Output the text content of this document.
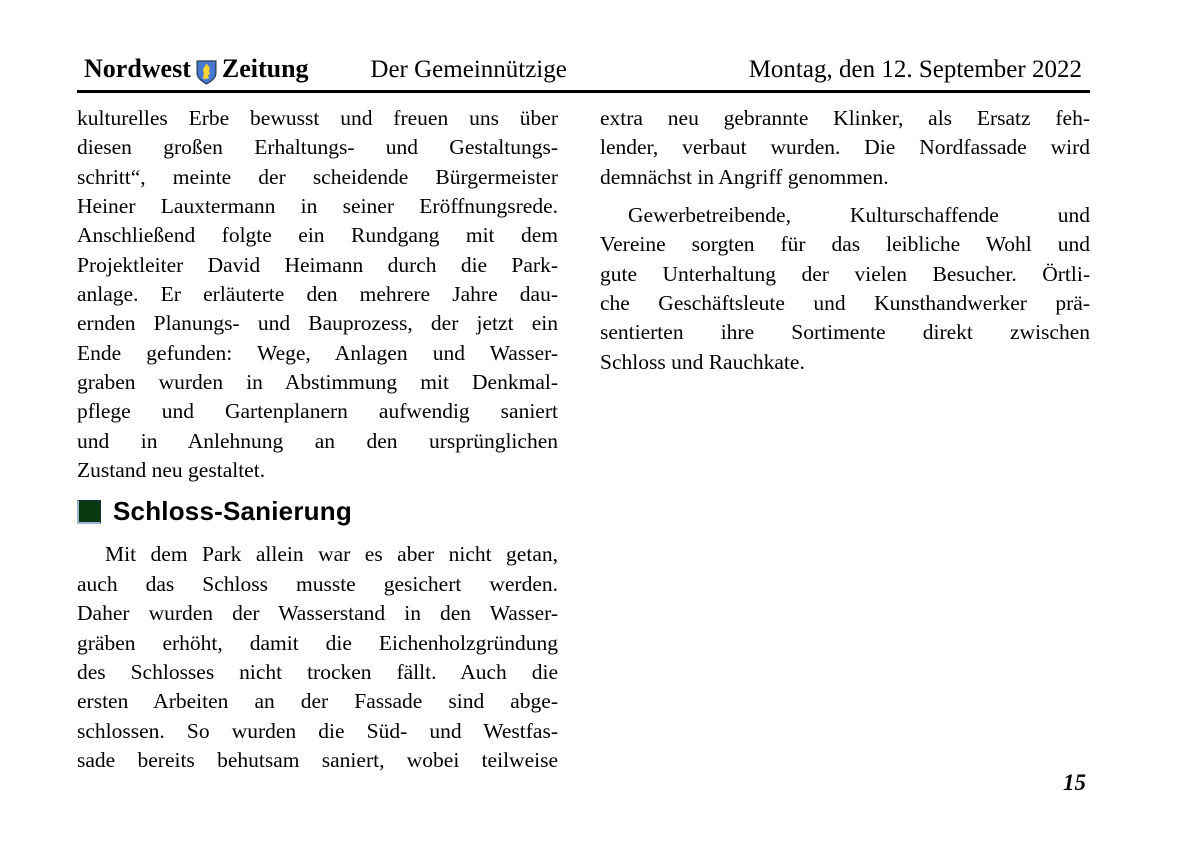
Nordwest Zeitung Der Gemeinnützige	Montag, den 12. September 2022
kulturelles Erbe bewusst und freuen uns über
diesen großen Erhaltungs- und Gestaltungs-
schritt“, meinte der scheidende Bürgermeister
Heiner Lauxtermann in seiner Eröffnungsrede.
Anschließend folgte ein Rundgang mit dem
Projektleiter David Heimann durch die Park-
anlage. Er erläuterte den mehrere Jahre dau-
ernden Planungs- und Bauprozess, der jetzt ein
Ende gefunden: Wege, Anlagen und Wasser-
graben wurden in Abstimmung mit Denkmal-
pflege und Gartenplanern aufwendig saniert
und in Anlehnung an den ursprünglichen
Zustand neu gestaltet.
Schloss-Sanierung
Mit dem Park allein war es aber nicht getan,
auch das Schloss musste gesichert werden.
Daher wurden der Wasserstand in den Wasser-
gräben erhöht, damit die Eichenholzgründung
des Schlosses nicht trocken fällt. Auch die
ersten Arbeiten an der Fassade sind abge-
schlossen. So wurden die Süd- und Westfas-
sade bereits behutsam saniert, wobei teilweise
extra neu gebrannte Klinker, als Ersatz feh-
lender, verbaut wurden. Die Nordfassade wird
demnächst in Angriff genommen.
Gewerbetreibende, Kulturschaffende und
Vereine sorgten für das leibliche Wohl und
gute Unterhaltung der vielen Besucher. Örtli-
che Geschäftsleute und Kunsthandwerker prä-
sentierten ihre Sortimente direkt zwischen
Schloss und Rauchkate.
15
